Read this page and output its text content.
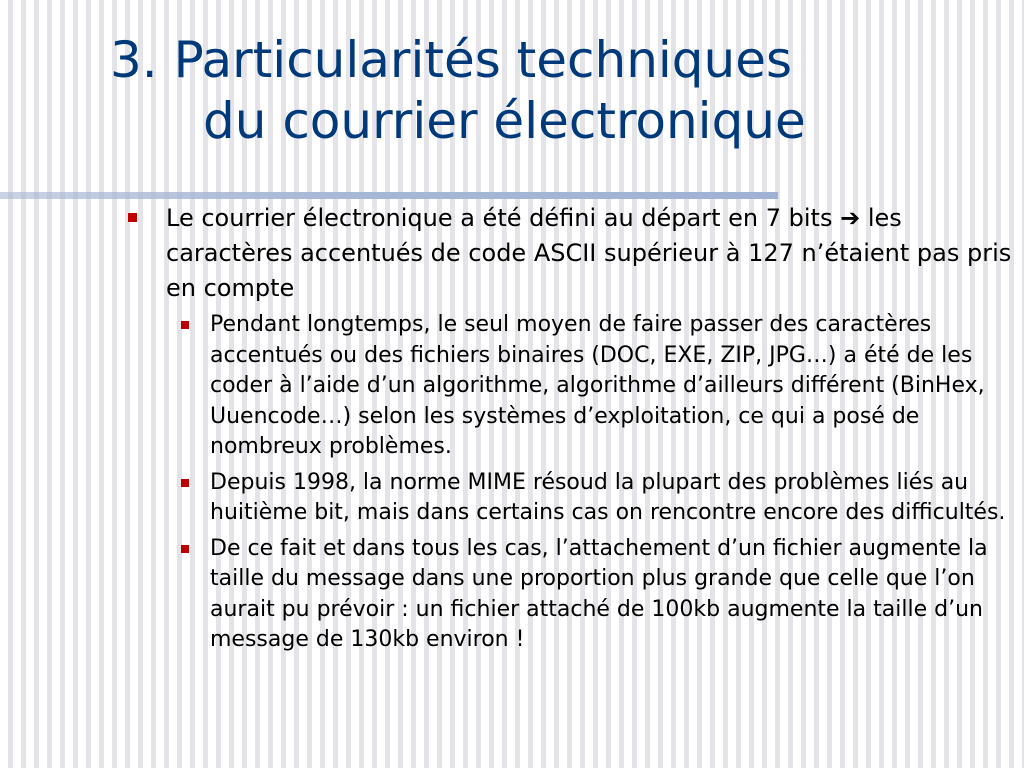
3. Particularités techniques
du courrier électronique
Le courrier électronique a été défini au départ en 7 bits ➔ les caractères accentués de code ASCII supérieur à 127 n’étaient pas pris en compte
Pendant longtemps, le seul moyen de faire passer des caractères accentués ou des fichiers binaires (DOC, EXE, ZIP, JPG…) a été de les coder à l’aide d’un algorithme, algorithme d’ailleurs différent (BinHex, Uuencode…) selon les systèmes d’exploitation, ce qui a posé de nombreux problèmes.
Depuis 1998, la norme MIME résoud la plupart des problèmes liés au huitième bit, mais dans certains cas on rencontre encore des difficultés.
De ce fait et dans tous les cas, l’attachement d’un fichier augmente la taille du message dans une proportion plus grande que celle que l’on aurait pu prévoir : un fichier attaché de 100kb augmente la taille d’un message de 130kb environ !
